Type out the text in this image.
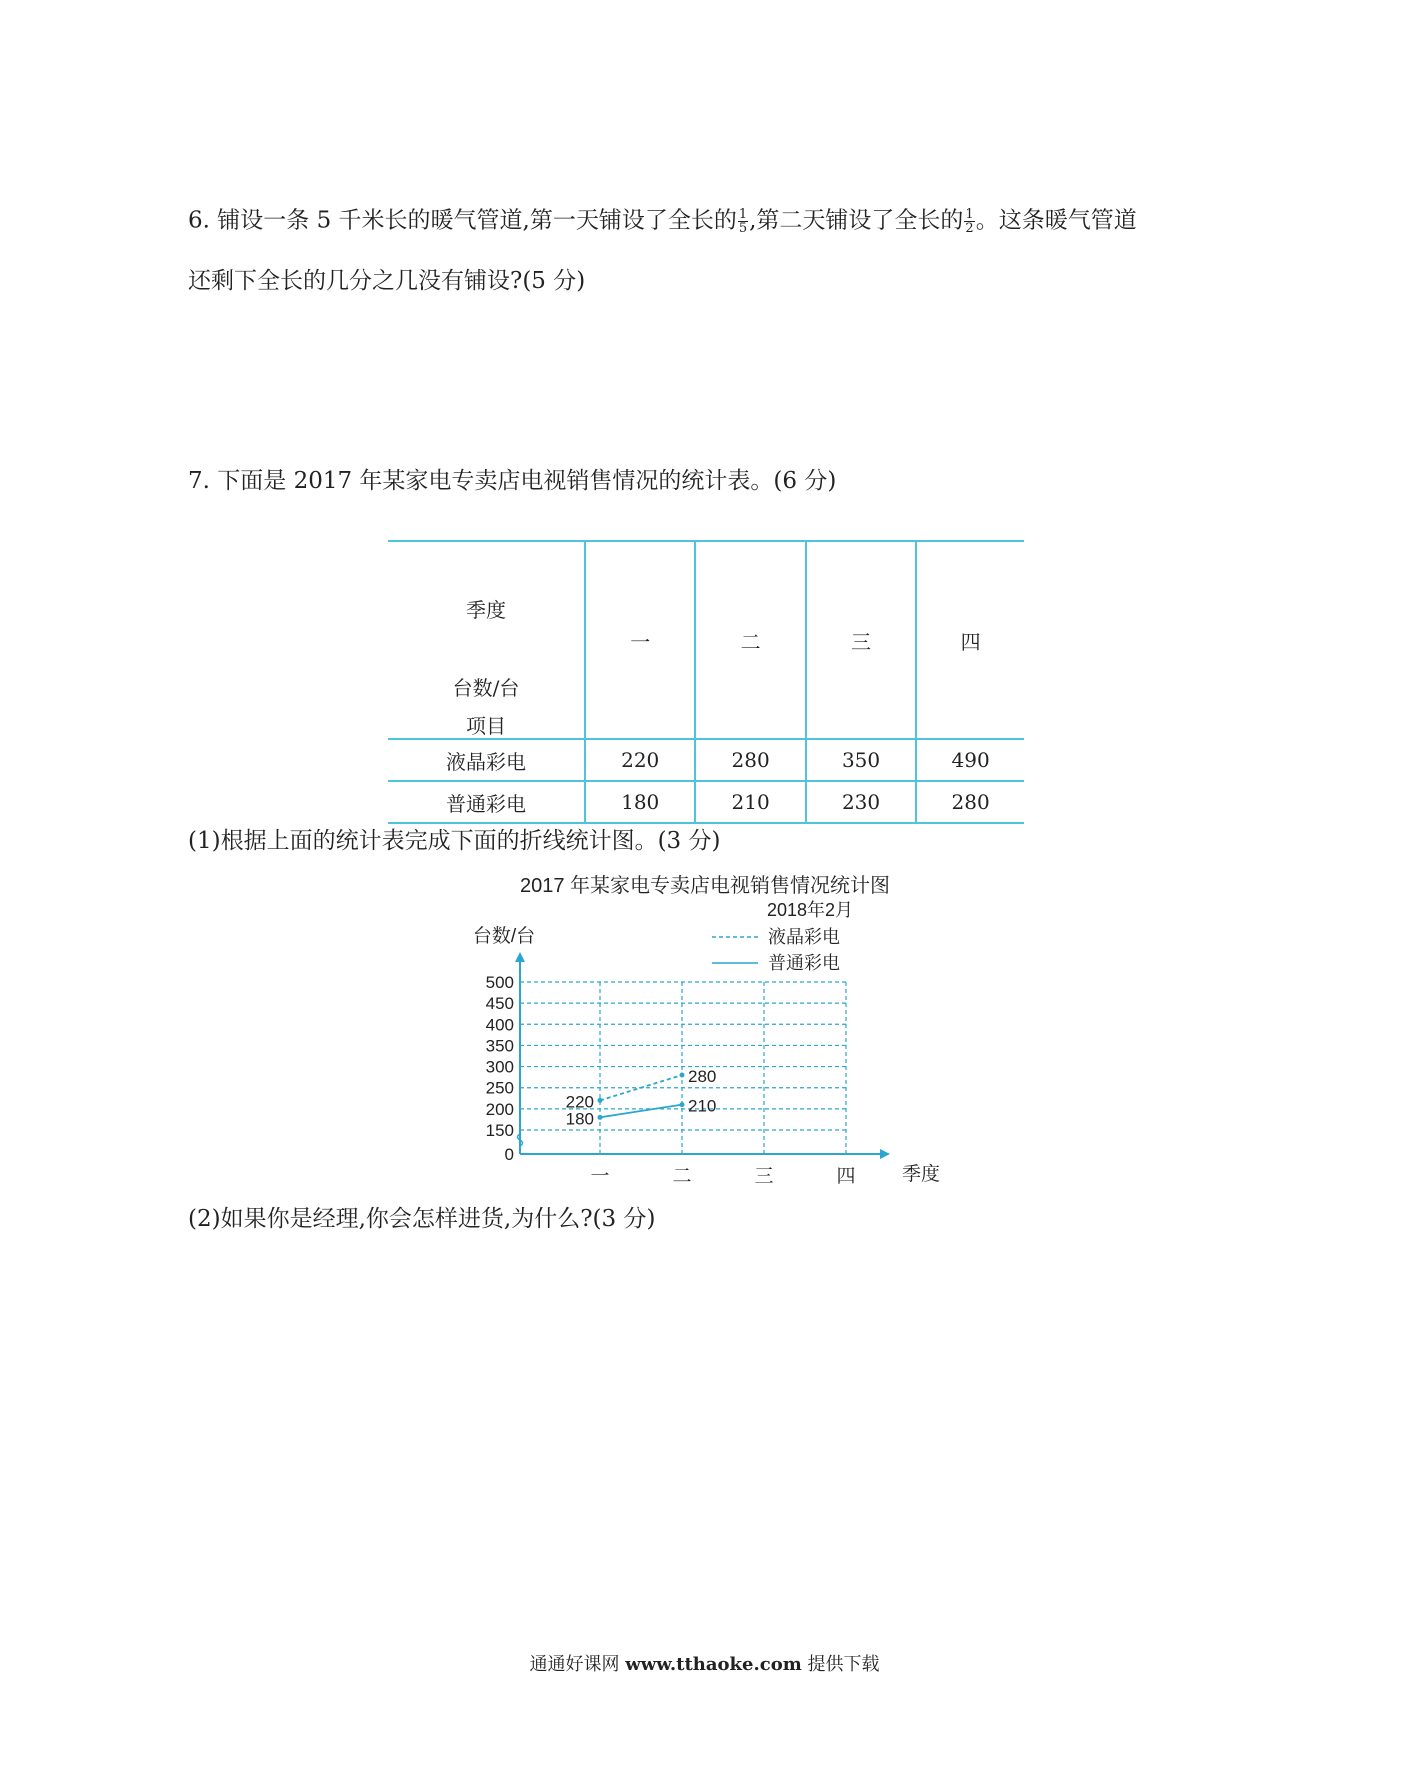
6. 铺设一条 5 千米长的暖气管道,第一天铺设了全长的 $\frac{1}{5}$ ,第二天铺设了全长的 $\frac{1}{2}$ 。这条暖气管道
还剩下全长的几分之几没有铺设?(5 分)
7. 下面是 2017 年某家电专卖店电视销售情况的统计表。(6 分)
季度
台数/台
项目	一	二	三	四
液晶彩电	220	280	350	490
普通彩电	180	210	230	280
(1)根据上面的统计表完成下面的折线统计图。(3 分)
2017 年某家电专卖店电视销售情况统计图
2018年2月
台数/台	液晶彩电
普通彩电
500
450
400
350
300
250
200
150
0
一	二	三	四
220
280
180
210
季度
(2)如果你是经理,你会怎样进货,为什么?(3 分)
通通好课网 www.tthaoke.com 提供下载
